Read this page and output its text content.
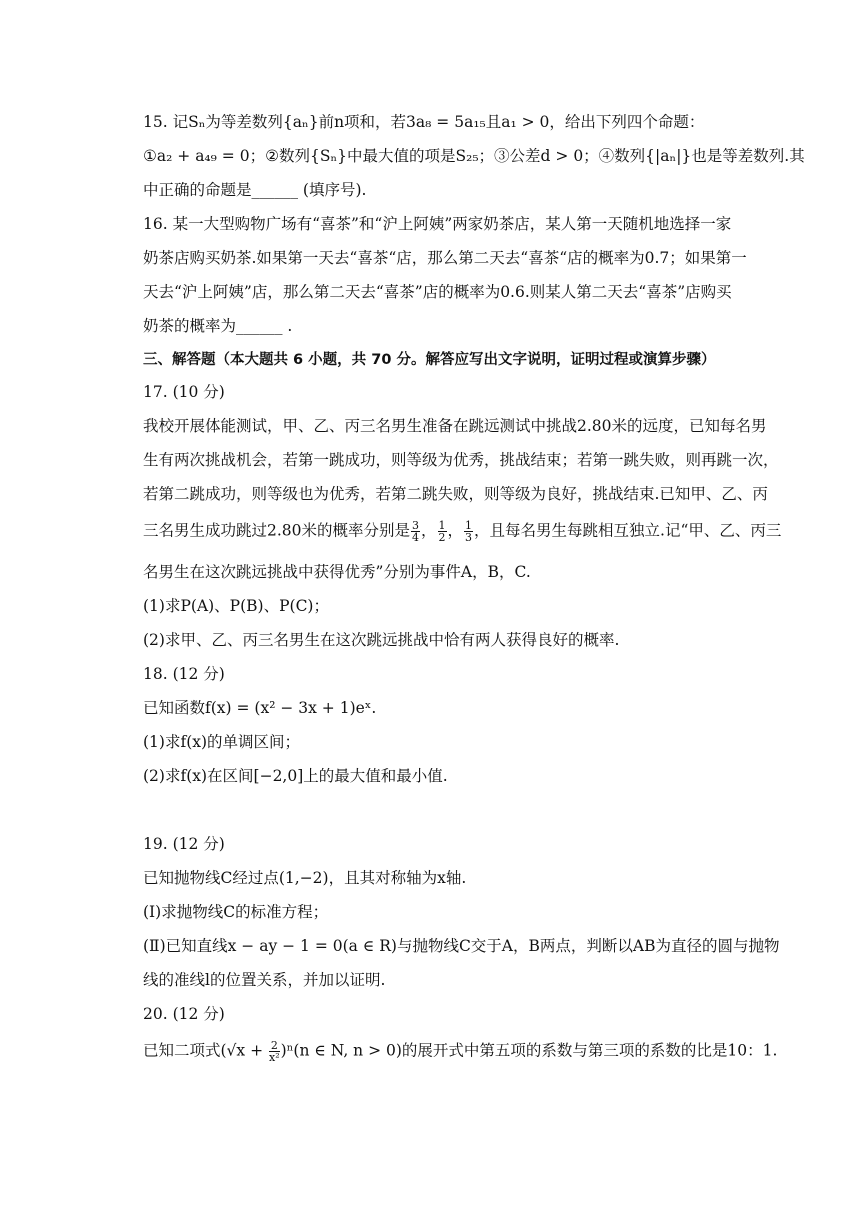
15. 记Sₙ为等差数列{aₙ}前n项和，若3a₈ = 5a₁₅且a₁ > 0，给出下列四个命题：
①a₂ + a₄₉ = 0；②数列{Sₙ}中最大值的项是S₂₅；③公差d > 0；④数列{|aₙ|}也是等差数列.其
中正确的命题是______ (填序号).
16. 某一大型购物广场有“喜茶”和“沪上阿姨”两家奶茶店，某人第一天随机地选择一家
奶茶店购买奶茶.如果第一天去“喜茶“店，那么第二天去“喜茶“店的概率为0.7；如果第一
天去“沪上阿姨”店，那么第二天去“喜茶”店的概率为0.6.则某人第二天去“喜茶”店购买
奶茶的概率为______ .
三、解答题（本大题共 6 小题，共 70 分。解答应写出文字说明，证明过程或演算步骤）
17. (10 分)
我校开展体能测试，甲、乙、丙三名男生准备在跳远测试中挑战2.80米的远度，已知每名男
生有两次挑战机会，若第一跳成功，则等级为优秀，挑战结束；若第一跳失败，则再跳一次，
若第二跳成功，则等级也为优秀，若第二跳失败，则等级为良好，挑战结束.已知甲、乙、丙
三名男生成功跳过2.80米的概率分别是 $\frac{3}{4}$ ， $\frac{1}{2}$ ， $\frac{1}{3}$ ，且每名男生每跳相互独立.记“甲、乙、丙三
名男生在这次跳远挑战中获得优秀”分别为事件A，B，C.
(1)求P(A)、P(B)、P(C)；
(2)求甲、乙、丙三名男生在这次跳远挑战中恰有两人获得良好的概率.
18. (12 分)
已知函数f(x) = (x² − 3x + 1)eˣ.
(1)求f(x)的单调区间；
(2)求f(x)在区间[−2,0]上的最大值和最小值.
19. (12 分)
已知抛物线C经过点(1,−2)，且其对称轴为x轴.
(Ⅰ)求抛物线C的标准方程；
(Ⅱ)已知直线x − ay − 1 = 0(a ∈ R)与抛物线C交于A，B两点，判断以AB为直径的圆与抛物
线的准线l的位置关系，并加以证明.
20. (12 分)
已知二项式$(√x + \frac{2}{\text{x²}} )^n(n$ ∈ N, n > 0)的展开式中第五项的系数与第三项的系数的比是10：1.
